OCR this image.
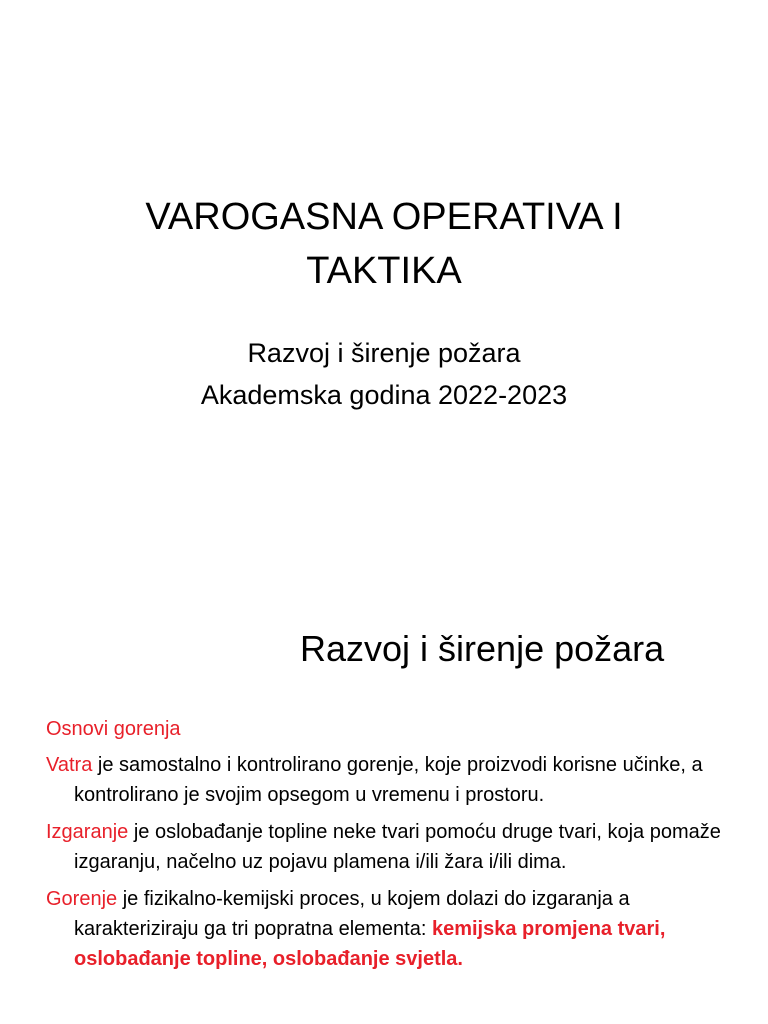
VAROGASNA OPERATIVA I
TAKTIKA
Razvoj i širenje požara
Akademska godina 2022-2023
Razvoj i širenje požara
Osnovi gorenja

Vatra je samostalno i kontrolirano gorenje, koje proizvodi korisne učinke, a kontrolirano je svojim opsegom u vremenu i prostoru.

Izgaranje je oslobađanje topline neke tvari pomoću druge tvari, koja pomaže izgaranju, načelno uz pojavu plamena i/ili žara i/ili dima.

Gorenje je fizikalno-kemijski proces, u kojem dolazi do izgaranja a karakteriziraju ga tri popratna elementa: kemijska promjena tvari, oslobađanje topline, oslobađanje svjetla.
